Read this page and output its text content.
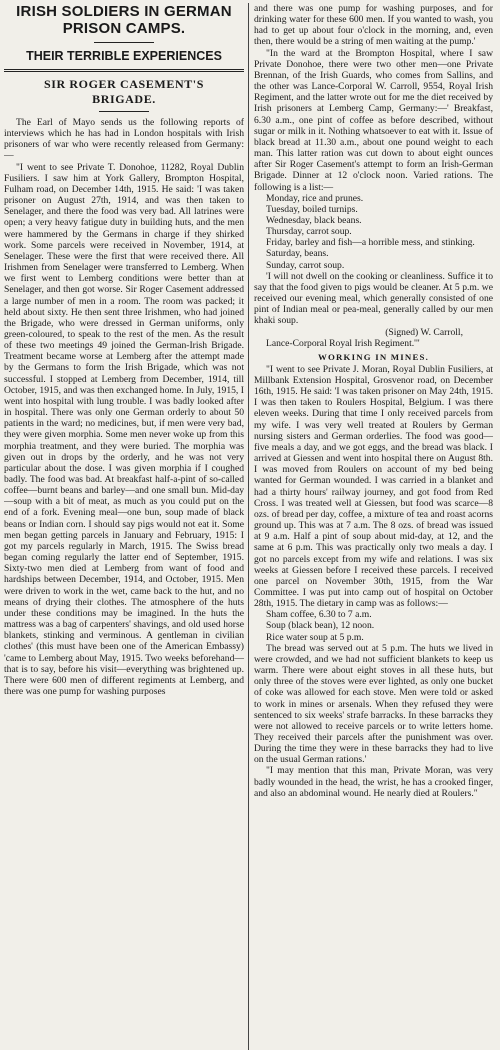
IRISH SOLDIERS IN GERMAN
PRISON CAMPS.
THEIR TERRIBLE EXPERIENCES
SIR ROGER CASEMENT'S
BRIGADE.

The Earl of Mayo sends us the following reports of interviews which he has had in London hospitals with Irish prisoners of war who were recently released from Germany:—

"I went to see Private T. Donohoe, 11282, Royal Dublin Fusiliers. I saw him at York Gallery, Brompton Hospital, Fulham road, on December 14th, 1915. He said: 'I was taken prisoner on August 27th, 1914, and was then taken to Senelager, and there the food was very bad. All latrines were open; a very heavy fatigue duty in building huts, and the men were hammered by the Germans in charge if they shirked work. Some parcels were received in November, 1914, at Senelager. These were the first that were received there. All Irishmen from Senelager were transferred to Lemberg. When we first went to Lemberg conditions were better than at Senelager, and then got worse. Sir Roger Casement addressed a large number of men in a room. The room was packed; it held about sixty. He then sent three Irishmen, who had joined the Brigade, who were dressed in German uniforms, only green-coloured, to speak to the rest of the men. As the result of these two meetings 49 joined the German-Irish Brigade. Treatment became worse at Lemberg after the attempt made by the Germans to form the Irish Brigade, which was not successful. I stopped at Lemberg from December, 1914, till October, 1915, and was then exchanged home. In July, 1915, I went into hospital with lung trouble. I was badly looked after in hospital. There was only one German orderly to about 50 patients in the ward; no medicines, but, if men were very bad, they were given morphia. Some men never woke up from this morphia treatment, and they were buried. The morphia was given out in drops by the orderly, and he was not very particular about the dose. I was given morphia if I coughed badly. The food was bad. At breakfast half-a-pint of so-called coffee—burnt beans and barley—and one small bun. Mid-day—soup with a bit of meat, as much as you could put on the end of a fork. Evening meal—one bun, soup made of black beans or Indian corn. I should say pigs would not eat it. Some men began getting parcels in January and February, 1915: I got my parcels regularly in March, 1915. The Swiss bread began coming regularly the latter end of September, 1915. Sixty-two men died at Lemberg from want of food and hardships between December, 1914, and October, 1915. Men were driven to work in the wet, came back to the hut, and no means of drying their clothes. The atmosphere of the huts under these conditions may be imagined. In the huts the mattress was a bag of carpenters' shavings, and old used horse blankets, stinking and verminous. A gentleman in civilian clothes' (this must have been one of the American Embassy) 'came to Lemberg about May, 1915. Two weeks beforehand—that is to say, before his visit—everything was brightened up. There were 600 men of different regiments at Lemberg, and there was one pump for washing purposes

and there was one pump for washing purposes, and for drinking water for these 600 men. If you wanted to wash, you had to get up about four o'clock in the morning, and, even then, there would be a string of men waiting at the pump.'

"In the ward at the Brompton Hospital, where I saw Private Donohoe, there were two other men—one Private Brennan, of the Irish Guards, who comes from Sallins, and the other was Lance-Corporal W. Carroll, 9554, Royal Irish Regiment, and the latter wrote out for me the diet received by Irish prisoners at Lemberg Camp, Germany:—' Breakfast, 6.30 a.m., one pint of coffee as before described, without sugar or milk in it. Nothing whatsoever to eat with it. Issue of black bread at 11.30 a.m., about one pound weight to each man. This latter ration was cut down to about eight ounces after Sir Roger Casement's attempt to form an Irish-German Brigade. Dinner at 12 o'clock noon. Varied rations. The following is a list:—

Monday, rice and prunes.

Tuesday, boiled turnips.

Wednesday, black beans.

Thursday, carrot soup.

Friday, barley and fish—a horrible mess, and stinking.

Saturday, beans.

Sunday, carrot soup.

'I will not dwell on the cooking or cleanliness. Suffice it to say that the food given to pigs would be cleaner. At 5 p.m. we received our evening meal, which generally consisted of one pint of Indian meal or pea-meal, generally called by our men khaki soup.

(Signed) W. Carroll,

Lance-Corporal Royal Irish Regiment.'"

WORKING IN MINES.

"I went to see Private J. Moran, Royal Dublin Fusiliers, at Millbank Extension Hospital, Grosvenor road, on December 16th, 1915. He said: 'I was taken prisoner on May 24th, 1915. I was then taken to Roulers Hospital, Belgium. I was there eleven weeks. During that time I only received parcels from my wife. I was very well treated at Roulers by German nursing sisters and German orderlies. The food was good—five meals a day, and we got eggs, and the bread was black. I arrived at Giessen and went into hospital there on August 8th. I was moved from Roulers on account of my bed being wanted for German wounded. I was carried in a blanket and had a thirty hours' railway journey, and got food from Red Cross. I was treated well at Giessen, but food was scarce—8 ozs. of bread per day, coffee, a mixture of tea and roast acorns ground up. This was at 7 a.m. The 8 ozs. of bread was issued at 9 a.m. Half a pint of soup about mid-day, at 12, and the same at 6 p.m. This was practically only two meals a day. I got no parcels except from my wife and relations. I was six weeks at Giessen before I received these parcels. I received one parcel on November 30th, 1915, from the War Committee. I was put into camp out of hospital on October 28th, 1915. The dietary in camp was as follows:—

Sham coffee, 6.30 to 7 a.m.

Soup (black bean), 12 noon.

Rice water soup at 5 p.m.

The bread was served out at 5 p.m. The huts we lived in were crowded, and we had not sufficient blankets to keep us warm. There were about eight stoves in all these huts, but only three of the stoves were ever lighted, as only one bucket of coke was allowed for each stove. Men were told or asked to work in mines or arsenals. When they refused they were sentenced to six weeks' strafe barracks. In these barracks they were not allowed to receive parcels or to write letters home. They received their parcels after the punishment was over. During the time they were in these barracks they had to live on the usual German rations.'

"I may mention that this man, Private Moran, was very badly wounded in the head, the wrist, he has a crooked finger, and also an abdominal wound. He nearly died at Roulers."
